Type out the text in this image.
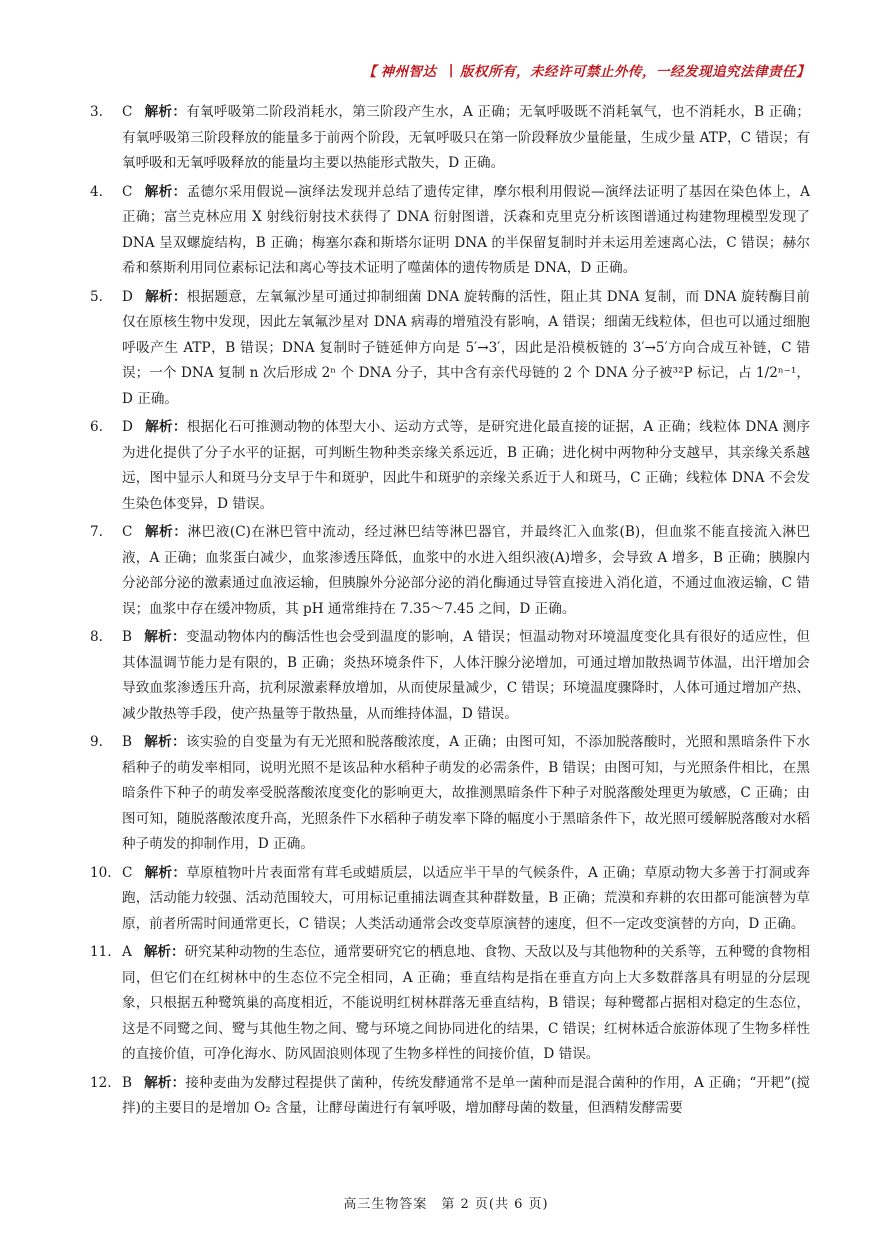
【 神州智达 | 版权所有，未经许可禁止外传，一经发现追究法律责任 】
3. C 解析：有氧呼吸第二阶段消耗水，第三阶段产生水，A 正确；无氧呼吸既不消耗氧气，也不消耗水，B 正确；有氧呼吸第三阶段释放的能量多于前两个阶段，无氧呼吸只在第一阶段释放少量能量，生成少量 ATP，C 错误；有氧呼吸和无氧呼吸释放的能量均主要以热能形式散失，D 正确。
4. C 解析：孟德尔采用假说—演绎法发现并总结了遗传定律，摩尔根利用假说—演绎法证明了基因在染色体上，A 正确；富兰克林应用 X 射线衍射技术获得了 DNA 衍射图谱，沃森和克里克分析该图谱通过构建物理模型发现了 DNA 呈双螺旋结构，B 正确；梅塞尔森和斯塔尔证明 DNA 的半保留复制时并未运用差速离心法，C 错误；赫尔希和蔡斯利用同位素标记法和离心等技术证明了噬菌体的遗传物质是 DNA，D 正确。
5. D 解析：根据题意，左氧氟沙星可通过抑制细菌 DNA 旋转酶的活性，阻止其 DNA 复制，而 DNA 旋转酶目前仅在原核生物中发现，因此左氧氟沙星对 DNA 病毒的增殖没有影响，A 错误；细菌无线粒体，但也可以通过细胞呼吸产生 ATP，B 错误；DNA 复制时子链延伸方向是 5′→3′，因此是沿模板链的 3′→5′方向合成互补链，C 错误；一个 DNA 复制 n 次后形成 2ⁿ 个 DNA 分子，其中含有亲代母链的 2 个 DNA 分子被³²P 标记，占 1/2ⁿ⁻¹，D 正确。
6. D 解析：根据化石可推测动物的体型大小、运动方式等，是研究进化最直接的证据，A 正确；线粒体 DNA 测序为进化提供了分子水平的证据，可判断生物种类亲缘关系远近，B 正确；进化树中两物种分支越早，其亲缘关系越远，图中显示人和斑马分支早于牛和斑驴，因此牛和斑驴的亲缘关系近于人和斑马，C 正确；线粒体 DNA 不会发生染色体变异，D 错误。
7. C 解析：淋巴液(C)在淋巴管中流动，经过淋巴结等淋巴器官，并最终汇入血浆(B)，但血浆不能直接流入淋巴液，A 正确；血浆蛋白减少，血浆渗透压降低，血浆中的水进入组织液(A)增多，会导致 A 增多，B 正确；胰腺内分泌部分泌的激素通过血液运输，但胰腺外分泌部分泌的消化酶通过导管直接进入消化道，不通过血液运输，C 错误；血浆中存在缓冲物质，其 pH 通常维持在 7.35～7.45 之间，D 正确。
8. B 解析：变温动物体内的酶活性也会受到温度的影响，A 错误；恒温动物对环境温度变化具有很好的适应性，但其体温调节能力是有限的，B 正确；炎热环境条件下，人体汗腺分泌增加，可通过增加散热调节体温，出汗增加会导致血浆渗透压升高，抗利尿激素释放增加，从而使尿量减少，C 错误；环境温度骤降时，人体可通过增加产热、减少散热等手段，使产热量等于散热量，从而维持体温，D 错误。
9. B 解析：该实验的自变量为有无光照和脱落酸浓度，A 正确；由图可知，不添加脱落酸时，光照和黑暗条件下水稻种子的萌发率相同，说明光照不是该品种水稻种子萌发的必需条件，B 错误；由图可知，与光照条件相比，在黑暗条件下种子的萌发率受脱落酸浓度变化的影响更大，故推测黑暗条件下种子对脱落酸处理更为敏感，C 正确；由图可知，随脱落酸浓度升高，光照条件下水稻种子萌发率下降的幅度小于黑暗条件下，故光照可缓解脱落酸对水稻种子萌发的抑制作用，D 正确。
10. C 解析：草原植物叶片表面常有茸毛或蜡质层，以适应半干旱的气候条件，A 正确；草原动物大多善于打洞或奔跑，活动能力较强、活动范围较大，可用标记重捕法调查其种群数量，B 正确；荒漠和弃耕的农田都可能演替为草原，前者所需时间通常更长，C 错误；人类活动通常会改变草原演替的速度，但不一定改变演替的方向，D 正确。
11. A 解析：研究某种动物的生态位，通常要研究它的栖息地、食物、天敌以及与其他物种的关系等，五种鹭的食物相同，但它们在红树林中的生态位不完全相同，A 正确；垂直结构是指在垂直方向上大多数群落具有明显的分层现象，只根据五种鹭筑巢的高度相近，不能说明红树林群落无垂直结构，B 错误；每种鹭都占据相对稳定的生态位，这是不同鹭之间、鹭与其他生物之间、鹭与环境之间协同进化的结果，C 错误；红树林适合旅游体现了生物多样性的直接价值，可净化海水、防风固浪则体现了生物多样性的间接价值，D 错误。
12. B 解析：接种麦曲为发酵过程提供了菌种，传统发酵通常不是单一菌种而是混合菌种的作用，A 正确；“开耙”(搅拌)的主要目的是增加 O₂ 含量，让酵母菌进行有氧呼吸，增加酵母菌的数量，但酒精发酵需要
高三生物答案　第 2 页(共 6 页)
